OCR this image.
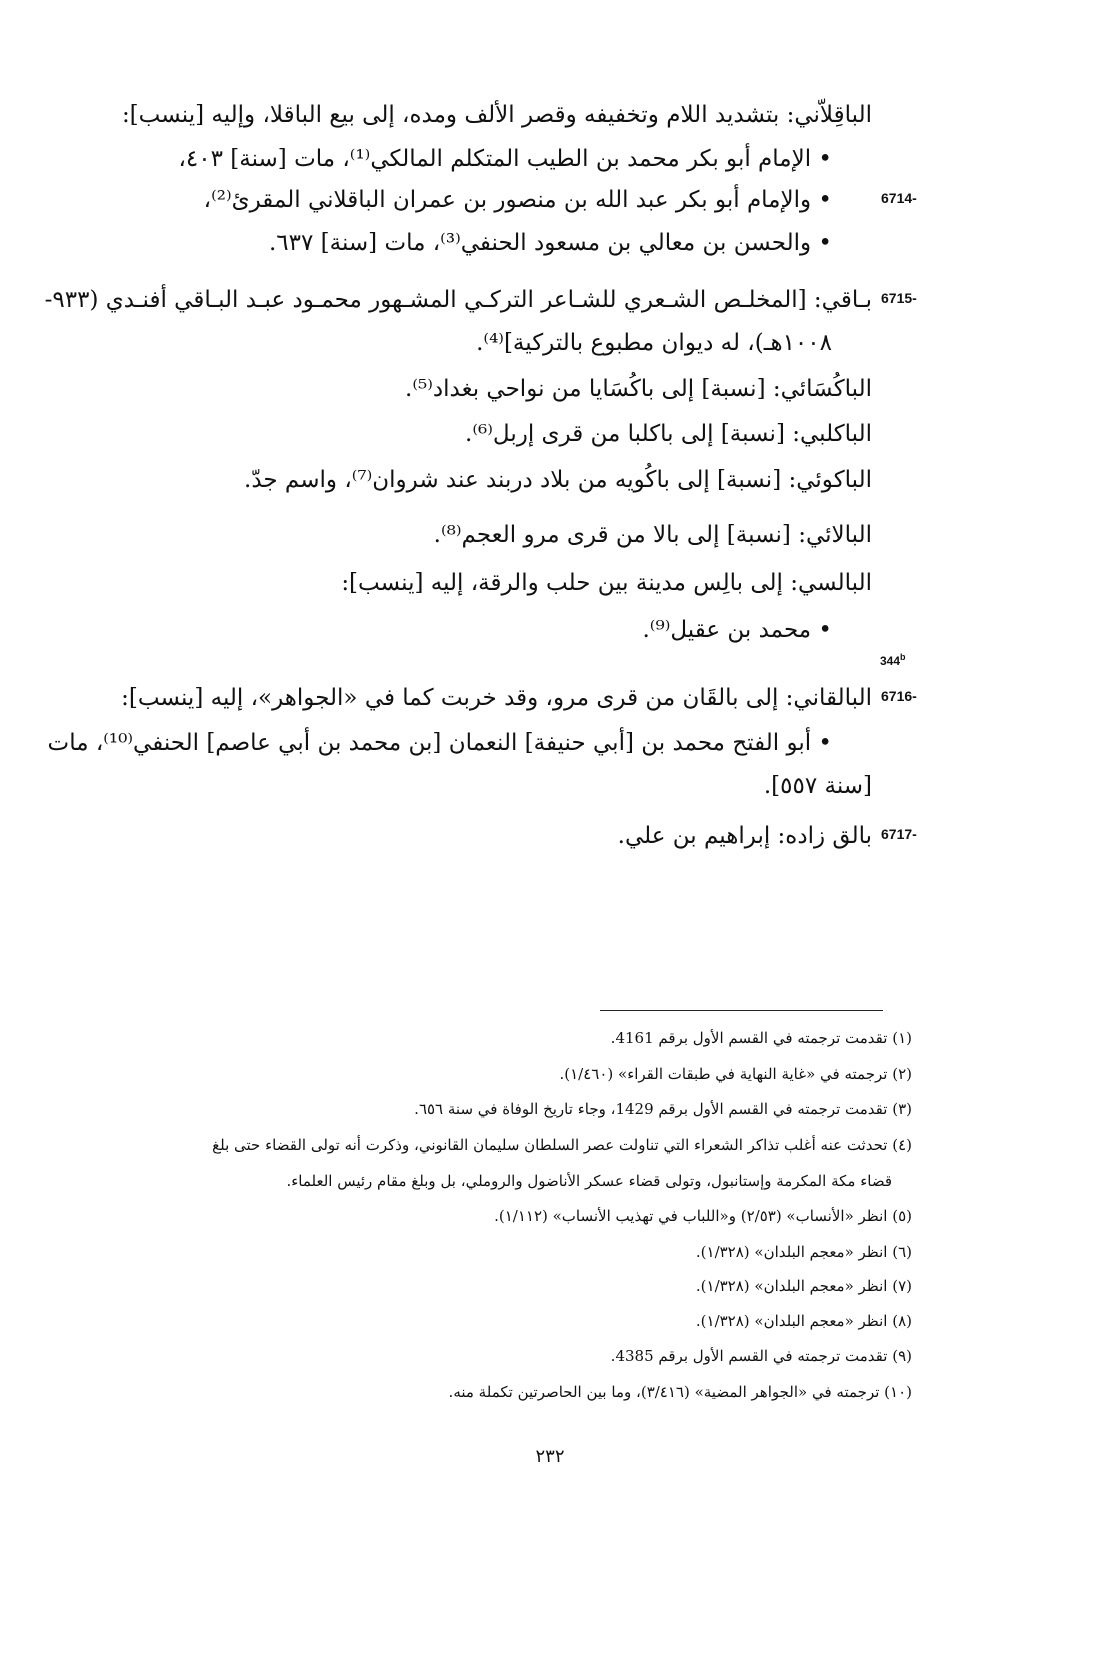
الباقِلاّني: بتشديد اللام وتخفيفه وقصر الألف ومده، إلى بيع الباقلا، وإليه [ينسب]:
• الإمام أبو بكر محمد بن الطيب المتكلم المالكي⁽¹⁾، مات [سنة] ٤٠٣،
6714-
• والإمام أبو بكر عبد الله بن منصور بن عمران الباقلاني المقرئ⁽²⁾،
• والحسن بن معالي بن مسعود الحنفي⁽³⁾، مات [سنة] ٦٣٧.
6715-
بـاقي: [المخلـص الشـعري للشـاعر التركـي المشـهور محمـود عبـد البـاقي أفنـدي (٩٣٣-
١٠٠٨هـ)، له ديوان مطبوع بالتركية]⁽⁴⁾.
الباكُسَائي: [نسبة] إلى باكُسَايا من نواحي بغداد⁽⁵⁾.
الباكلبي: [نسبة] إلى باكلبا من قرى إربل⁽⁶⁾.
الباكوئي: [نسبة] إلى باكُويه من بلاد دربند عند شروان⁽⁷⁾، واسم جدّ.
البالائي: [نسبة] إلى بالا من قرى مرو العجم⁽⁸⁾.
البالسي: إلى بالِس مدينة بين حلب والرقة، إليه [ينسب]:
• محمد بن عقيل⁽⁹⁾.
344$^b$
6716-
البالقاني: إلى بالقَان من قرى مرو، وقد خربت كما في «الجواهر»، إليه [ينسب]:
• أبو الفتح محمد بن [أبي حنيفة] النعمان [بن محمد بن أبي عاصم] الحنفي⁽¹⁰⁾، مات
[سنة ٥٥٧].
6717-
بالق زاده: إبراهيم بن علي.
(١) تقدمت ترجمته في القسم الأول برقم 4161.
(٢) ترجمته في «غاية النهاية في طبقات القراء» (١/٤٦٠).
(٣) تقدمت ترجمته في القسم الأول برقم 1429، وجاء تاريخ الوفاة في سنة ٦٥٦.
(٤) تحدثت عنه أغلب تذاكر الشعراء التي تناولت عصر السلطان سليمان القانوني، وذكرت أنه تولى القضاء حتى بلغ
قضاء مكة المكرمة وإستانبول، وتولى قضاء عسكر الأناضول والروملي، بل وبلغ مقام رئيس العلماء.
(٥) انظر «الأنساب» (٢/٥٣) و«اللباب في تهذيب الأنساب» (١/١١٢).
(٦) انظر «معجم البلدان» (١/٣٢٨).
(٧) انظر «معجم البلدان» (١/٣٢٨).
(٨) انظر «معجم البلدان» (١/٣٢٨).
(٩) تقدمت ترجمته في القسم الأول برقم 4385.
(١٠) ترجمته في «الجواهر المضية» (٣/٤١٦)، وما بين الحاصرتين تكملة منه.
٢٣٢
